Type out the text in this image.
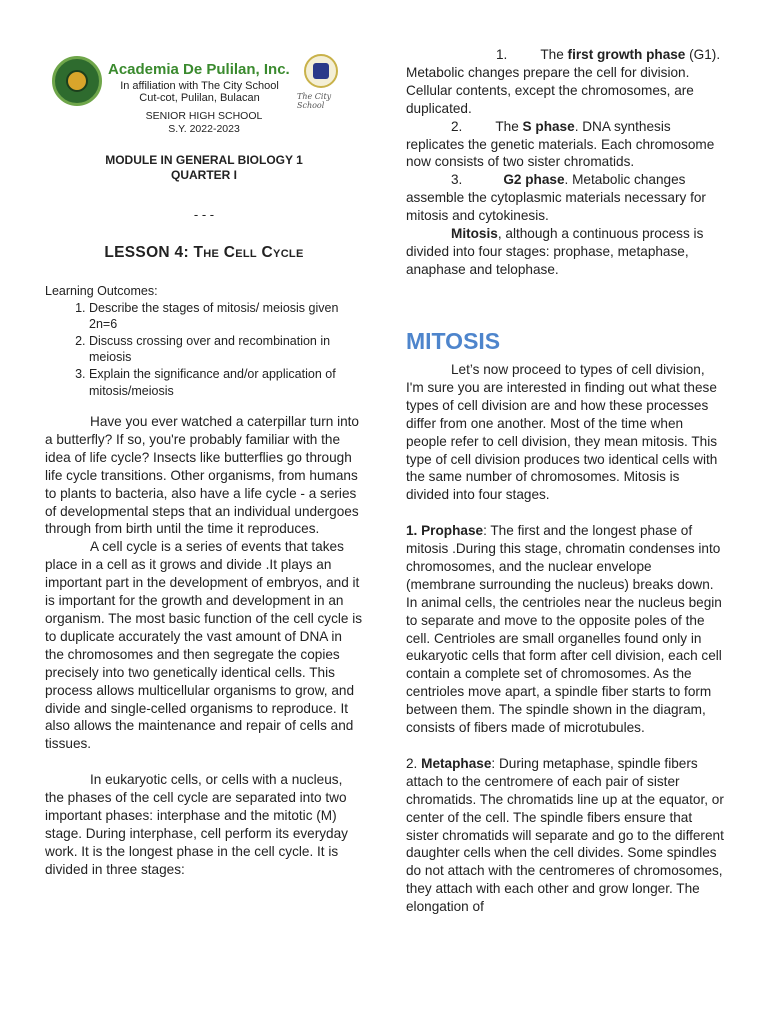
Academia De Pulilan, Inc.
In affiliation with The City School
Cut-cot, Pulilan, Bulacan	The City School
SENIOR HIGH SCHOOL
S.Y. 2022-2023
MODULE IN GENERAL BIOLOGY 1
QUARTER I
- - -
LESSON 4: The Cell Cycle

Learning Outcomes:

1. Describe the stages of mitosis/ meiosis given 2n=6
2. Discuss crossing over and recombination in meiosis
3. Explain the significance and/or application of mitosis/meiosis

Have you ever watched a caterpillar turn into a butterfly? If so, you're probably familiar with the idea of life cycle? Insects like butterflies go through life cycle transitions. Other organisms, from humans to plants to bacteria, also have a life cycle - a series of developmental steps that an individual undergoes through from birth until the time it reproduces.

A cell cycle is a series of events that takes place in a cell as it grows and divide .It plays an important part in the development of embryos, and it is important for the growth and development in an organism. The most basic function of the cell cycle is to duplicate accurately the vast amount of DNA in the chromosomes and then segregate the copies precisely into two genetically identical cells. This process allows multicellular organisms to grow, and divide and single-celled organisms to reproduce. It also allows the maintenance and repair of cells and tissues.

In eukaryotic cells, or cells with a nucleus, the phases of the cell cycle are separated into two important phases: interphase and the mitotic (M) stage. During interphase, cell perform its everyday work. It is the longest phase in the cell cycle. It is divided in three stages:

1. The first growth phase (G1). Metabolic changes prepare the cell for division. Cellular contents, except the chromosomes, are duplicated.

2. The S phase. DNA synthesis replicates the genetic materials. Each chromosome now consists of two sister chromatids.

3.	G2 phase. Metabolic changes assemble the cytoplasmic materials necessary for mitosis and cytokinesis.

Mitosis, although a continuous process is divided into four stages: prophase, metaphase, anaphase and telophase.

MITOSIS

Let’s now proceed to types of cell division, I'm sure you are interested in finding out what these types of cell division are and how these processes differ from one another. Most of the time when people refer to cell division, they mean mitosis. This type of cell division produces two identical cells with the same number of chromosomes. Mitosis is divided into four stages.

1. Prophase: The first and the longest phase of mitosis .During this stage, chromatin condenses into chromosomes, and the nuclear envelope (membrane surrounding the nucleus) breaks down. In animal cells, the centrioles near the nucleus begin to separate and move to the opposite poles of the cell. Centrioles are small organelles found only in eukaryotic cells that form after cell division, each cell contain a complete set of chromosomes. As the centrioles move apart, a spindle fiber starts to form between them. The spindle shown in the diagram, consists of fibers made of microtubules.

2. Metaphase: During metaphase, spindle fibers attach to the centromere of each pair of sister chromatids. The chromatids line up at the equator, or center of the cell. The spindle fibers ensure that sister chromatids will separate and go to the different daughter cells when the cell divides. Some spindles do not attach with the centromeres of chromosomes, they attach with each other and grow longer. The elongation of
